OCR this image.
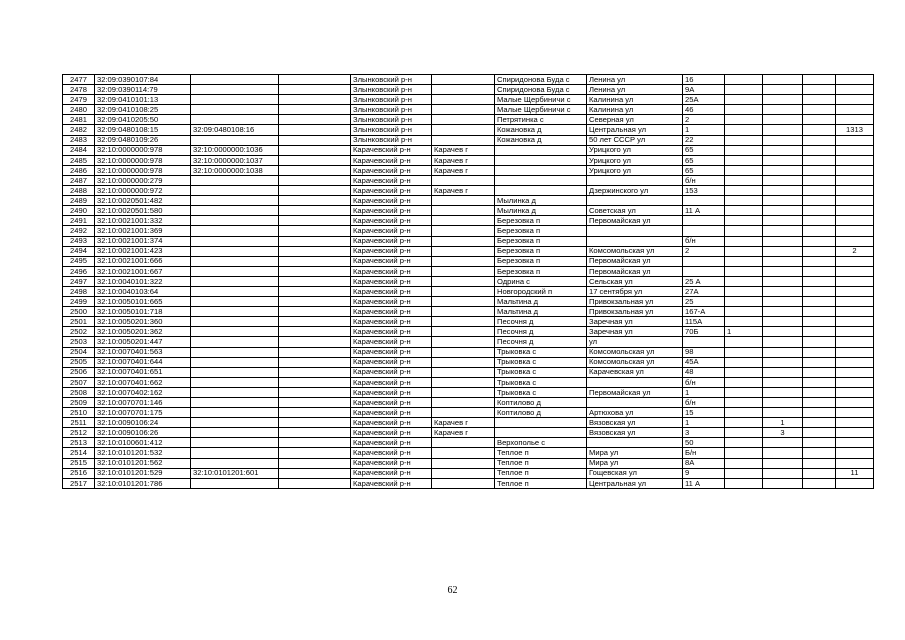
2477	32:09:0390107:84			Злынковский р-н		Спиридонова Буда с	Ленина ул	16				
2478	32:09:0390114:79			Злынковский р-н		Спиридонова Буда с	Ленина ул	9А				
2479	32:09:0410101:13			Злынковский р-н		Малые Щербиничи с	Калинина ул	25А				
2480	32:09:0410108:25			Злынковский р-н		Малые Щербиничи с	Калинина ул	46				
2481	32:09:0410205:50			Злынковский р-н		Петрятинка с	Северная ул	2				
2482	32:09:0480108:15	32:09:0480108:16		Злынковский р-н		Кожановка д	Центральная ул	1				1313
2483	32:09:0480109:26			Злынковский р-н		Кожановка д	50 лет СССР ул	22				
2484	32:10:0000000:978	32:10:0000000:1036		Карачевский р-н	Карачев г		Урицкого ул	65				
2485	32:10:0000000:978	32:10:0000000:1037		Карачевский р-н	Карачев г		Урицкого ул	65				
2486	32:10:0000000:978	32:10:0000000:1038		Карачевский р-н	Карачев г		Урицкого ул	65				
2487	32:10:0000000:279			Карачевский р-н				б/н				
2488	32:10:0000000:972			Карачевский р-н	Карачев г		Дзержинского ул	153				
2489	32:10:0020501:482			Карачевский р-н		Мылинка д						
2490	32:10:0020501:580			Карачевский р-н		Мылинка д	Советская ул	11 А				
2491	32:10:0021001:332			Карачевский р-н		Березовка п	Первомайская ул					
2492	32:10:0021001:369			Карачевский р-н		Березовка п						
2493	32:10:0021001:374			Карачевский р-н		Березовка п		б/н				
2494	32:10:0021001:423			Карачевский р-н		Березовка п	Комсомольская ул	2				2
2495	32:10:0021001:666			Карачевский р-н		Березовка п	Первомайская ул					
2496	32:10:0021001:667			Карачевский р-н		Березовка п	Первомайская ул					
2497	32:10:0040101:322			Карачевский р-н		Одрина с	Сельская ул	25 А				
2498	32:10:0040103:64			Карачевский р-н		Новгородский п	17 сентября ул	27А				
2499	32:10:0050101:665			Карачевский р-н		Мальтина д	Привокзальная ул	25				
2500	32:10:0050101:718			Карачевский р-н		Мальтина д	Привокзальная ул	167-А				
2501	32:10:0050201:360			Карачевский р-н		Песочня д	Заречная ул	115А				
2502	32:10:0050201:362			Карачевский р-н		Песочня д	Заречная ул	70Б	1			
2503	32:10:0050201:447			Карачевский р-н		Песочня д	ул					
2504	32:10:0070401:563			Карачевский р-н		Трыковка с	Комсомольская ул	98				
2505	32:10:0070401:644			Карачевский р-н		Трыковка с	Комсомольская ул	45А				
2506	32:10:0070401:651			Карачевский р-н		Трыковка с	Карачевская ул	48				
2507	32:10:0070401:662			Карачевский р-н		Трыковка с		б/н				
2508	32:10:0070402:162			Карачевский р-н		Трыковка с	Первомайская ул	1				
2509	32:10:0070701:146			Карачевский р-н		Коптилово д		б/н				
2510	32:10:0070701:175			Карачевский р-н		Коптилово д	Артюхова ул	15				
2511	32:10:0090106:24			Карачевский р-н	Карачев г		Вязовская ул	1		1		
2512	32:10:0090106:26			Карачевский р-н	Карачев г		Вязовская ул	3		3		
2513	32:10:0100601:412			Карачевский р-н		Верхополье с		50				
2514	32:10:0101201:532			Карачевский р-н		Теплое п	Мира ул	Б/н				
2515	32:10:0101201:562			Карачевский р-н		Теплое п	Мира ул	8А				
2516	32:10:0101201:529	32:10:0101201:601		Карачевский р-н		Теплое п	Гощевская ул	9				11
2517	32:10:0101201:786			Карачевский р-н		Теплое п	Центральная ул	11 А				
62
